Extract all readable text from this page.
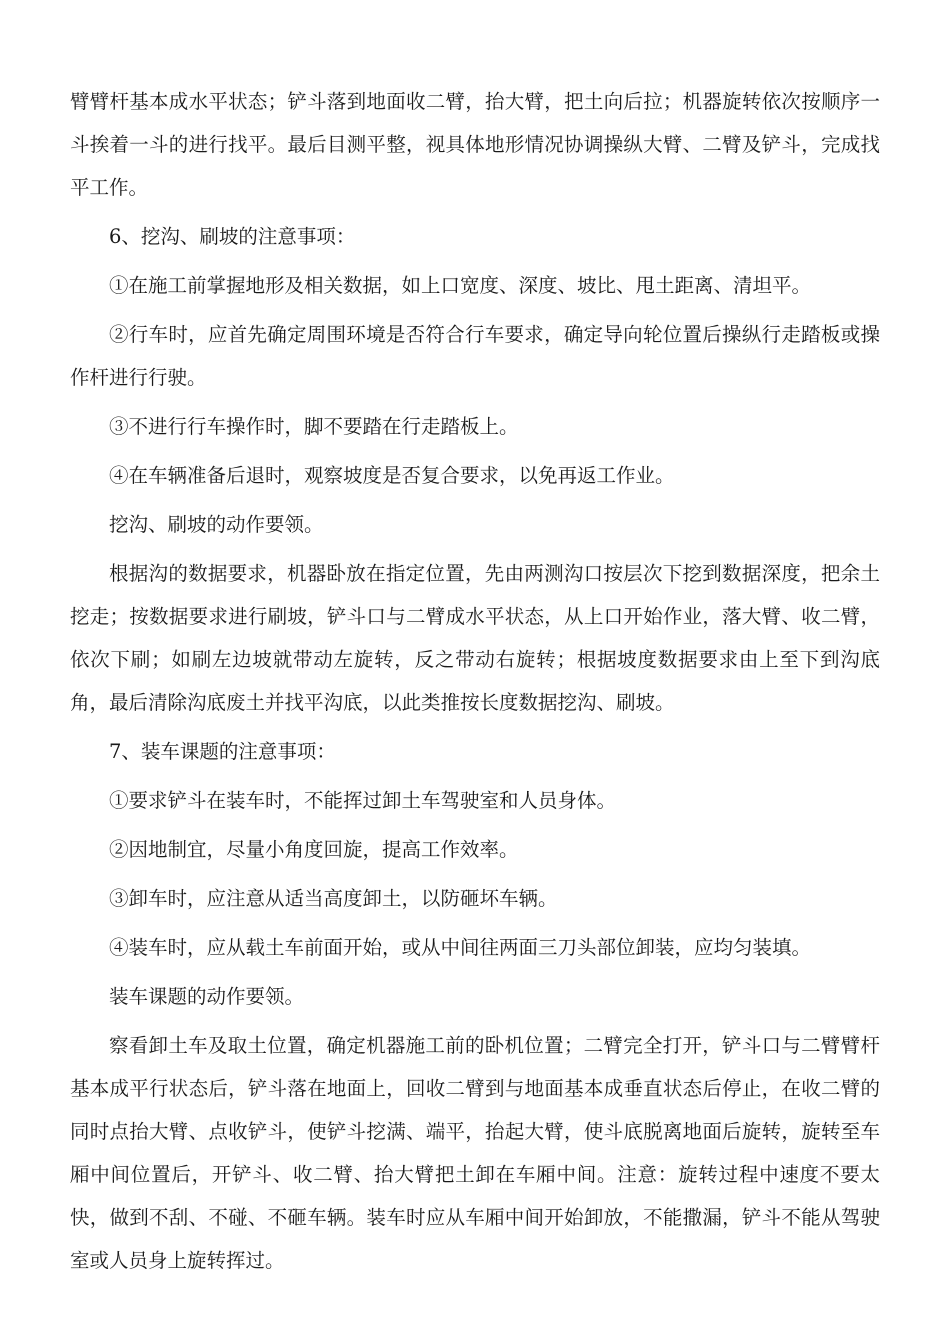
臂臂杆基本成水平状态；铲斗落到地面收二臂，抬大臂，把土向后拉；机器旋转依次按顺序一斗挨着一斗的进行找平。最后目测平整，视具体地形情况协调操纵大臂、二臂及铲斗，完成找平工作。

6、挖沟、刷坡的注意事项：

①在施工前掌握地形及相关数据，如上口宽度、深度、坡比、甩土距离、清坦平。

②行车时，应首先确定周围环境是否符合行车要求，确定导向轮位置后操纵行走踏板或操作杆进行行驶。

③不进行行车操作时，脚不要踏在行走踏板上。

④在车辆准备后退时，观察坡度是否复合要求，以免再返工作业。

挖沟、刷坡的动作要领。

根据沟的数据要求，机器卧放在指定位置，先由两测沟口按层次下挖到数据深度，把余土挖走；按数据要求进行刷坡，铲斗口与二臂成水平状态，从上口开始作业，落大臂、收二臂，依次下刷；如刷左边坡就带动左旋转，反之带动右旋转；根据坡度数据要求由上至下到沟底角，最后清除沟底废土并找平沟底，以此类推按长度数据挖沟、刷坡。

7、装车课题的注意事项：

①要求铲斗在装车时，不能挥过卸土车驾驶室和人员身体。

②因地制宜，尽量小角度回旋，提高工作效率。

③卸车时，应注意从适当高度卸土，以防砸坏车辆。

④装车时，应从载土车前面开始，或从中间往两面三刀头部位卸装，应均匀装填。

装车课题的动作要领。

察看卸土车及取土位置，确定机器施工前的卧机位置；二臂完全打开，铲斗口与二臂臂杆基本成平行状态后，铲斗落在地面上，回收二臂到与地面基本成垂直状态后停止，在收二臂的同时点抬大臂、点收铲斗，使铲斗挖满、端平，抬起大臂，使斗底脱离地面后旋转，旋转至车厢中间位置后，开铲斗、收二臂、抬大臂把土卸在车厢中间。注意：旋转过程中速度不要太快，做到不刮、不碰、不砸车辆。装车时应从车厢中间开始卸放，不能撒漏，铲斗不能从驾驶室或人员身上旋转挥过。
